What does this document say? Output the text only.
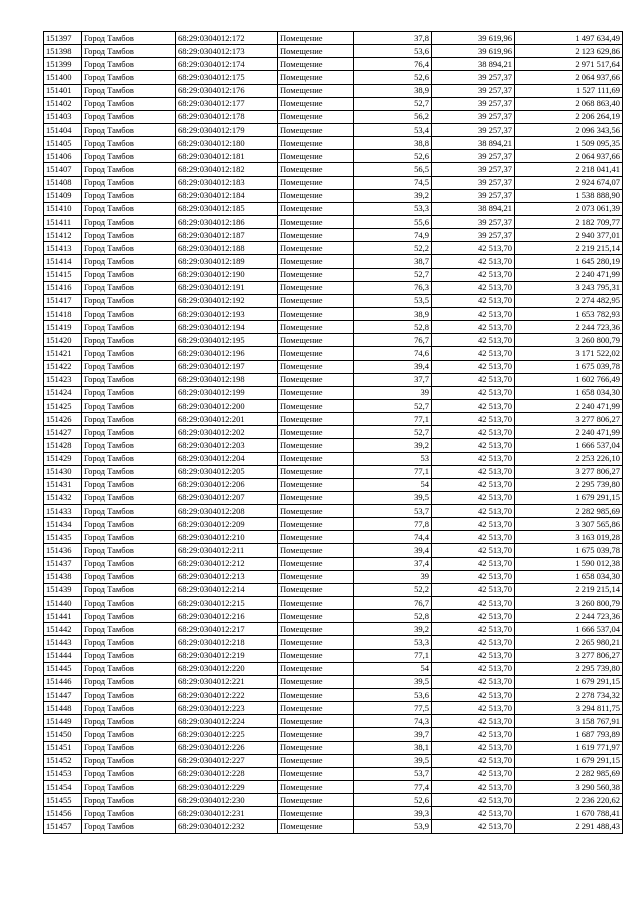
151397	Город Тамбов	68:29:0304012:172	Помещение	37,8	39 619,96	1 497 634,49
151398	Город Тамбов	68:29:0304012:173	Помещение	53,6	39 619,96	2 123 629,86
151399	Город Тамбов	68:29:0304012:174	Помещение	76,4	38 894,21	2 971 517,64
151400	Город Тамбов	68:29:0304012:175	Помещение	52,6	39 257,37	2 064 937,66
151401	Город Тамбов	68:29:0304012:176	Помещение	38,9	39 257,37	1 527 111,69
151402	Город Тамбов	68:29:0304012:177	Помещение	52,7	39 257,37	2 068 863,40
151403	Город Тамбов	68:29:0304012:178	Помещение	56,2	39 257,37	2 206 264,19
151404	Город Тамбов	68:29:0304012:179	Помещение	53,4	39 257,37	2 096 343,56
151405	Город Тамбов	68:29:0304012:180	Помещение	38,8	38 894,21	1 509 095,35
151406	Город Тамбов	68:29:0304012:181	Помещение	52,6	39 257,37	2 064 937,66
151407	Город Тамбов	68:29:0304012:182	Помещение	56,5	39 257,37	2 218 041,41
151408	Город Тамбов	68:29:0304012:183	Помещение	74,5	39 257,37	2 924 674,07
151409	Город Тамбов	68:29:0304012:184	Помещение	39,2	39 257,37	1 538 888,90
151410	Город Тамбов	68:29:0304012:185	Помещение	53,3	38 894,21	2 073 061,39
151411	Город Тамбов	68:29:0304012:186	Помещение	55,6	39 257,37	2 182 709,77
151412	Город Тамбов	68:29:0304012:187	Помещение	74,9	39 257,37	2 940 377,01
151413	Город Тамбов	68:29:0304012:188	Помещение	52,2	42 513,70	2 219 215,14
151414	Город Тамбов	68:29:0304012:189	Помещение	38,7	42 513,70	1 645 280,19
151415	Город Тамбов	68:29:0304012:190	Помещение	52,7	42 513,70	2 240 471,99
151416	Город Тамбов	68:29:0304012:191	Помещение	76,3	42 513,70	3 243 795,31
151417	Город Тамбов	68:29:0304012:192	Помещение	53,5	42 513,70	2 274 482,95
151418	Город Тамбов	68:29:0304012:193	Помещение	38,9	42 513,70	1 653 782,93
151419	Город Тамбов	68:29:0304012:194	Помещение	52,8	42 513,70	2 244 723,36
151420	Город Тамбов	68:29:0304012:195	Помещение	76,7	42 513,70	3 260 800,79
151421	Город Тамбов	68:29:0304012:196	Помещение	74,6	42 513,70	3 171 522,02
151422	Город Тамбов	68:29:0304012:197	Помещение	39,4	42 513,70	1 675 039,78
151423	Город Тамбов	68:29:0304012:198	Помещение	37,7	42 513,70	1 602 766,49
151424	Город Тамбов	68:29:0304012:199	Помещение	39	42 513,70	1 658 034,30
151425	Город Тамбов	68:29:0304012:200	Помещение	52,7	42 513,70	2 240 471,99
151426	Город Тамбов	68:29:0304012:201	Помещение	77,1	42 513,70	3 277 806,27
151427	Город Тамбов	68:29:0304012:202	Помещение	52,7	42 513,70	2 240 471,99
151428	Город Тамбов	68:29:0304012:203	Помещение	39,2	42 513,70	1 666 537,04
151429	Город Тамбов	68:29:0304012:204	Помещение	53	42 513,70	2 253 226,10
151430	Город Тамбов	68:29:0304012:205	Помещение	77,1	42 513,70	3 277 806,27
151431	Город Тамбов	68:29:0304012:206	Помещение	54	42 513,70	2 295 739,80
151432	Город Тамбов	68:29:0304012:207	Помещение	39,5	42 513,70	1 679 291,15
151433	Город Тамбов	68:29:0304012:208	Помещение	53,7	42 513,70	2 282 985,69
151434	Город Тамбов	68:29:0304012:209	Помещение	77,8	42 513,70	3 307 565,86
151435	Город Тамбов	68:29:0304012:210	Помещение	74,4	42 513,70	3 163 019,28
151436	Город Тамбов	68:29:0304012:211	Помещение	39,4	42 513,70	1 675 039,78
151437	Город Тамбов	68:29:0304012:212	Помещение	37,4	42 513,70	1 590 012,38
151438	Город Тамбов	68:29:0304012:213	Помещение	39	42 513,70	1 658 034,30
151439	Город Тамбов	68:29:0304012:214	Помещение	52,2	42 513,70	2 219 215,14
151440	Город Тамбов	68:29:0304012:215	Помещение	76,7	42 513,70	3 260 800,79
151441	Город Тамбов	68:29:0304012:216	Помещение	52,8	42 513,70	2 244 723,36
151442	Город Тамбов	68:29:0304012:217	Помещение	39,2	42 513,70	1 666 537,04
151443	Город Тамбов	68:29:0304012:218	Помещение	53,3	42 513,70	2 265 980,21
151444	Город Тамбов	68:29:0304012:219	Помещение	77,1	42 513,70	3 277 806,27
151445	Город Тамбов	68:29:0304012:220	Помещение	54	42 513,70	2 295 739,80
151446	Город Тамбов	68:29:0304012:221	Помещение	39,5	42 513,70	1 679 291,15
151447	Город Тамбов	68:29:0304012:222	Помещение	53,6	42 513,70	2 278 734,32
151448	Город Тамбов	68:29:0304012:223	Помещение	77,5	42 513,70	3 294 811,75
151449	Город Тамбов	68:29:0304012:224	Помещение	74,3	42 513,70	3 158 767,91
151450	Город Тамбов	68:29:0304012:225	Помещение	39,7	42 513,70	1 687 793,89
151451	Город Тамбов	68:29:0304012:226	Помещение	38,1	42 513,70	1 619 771,97
151452	Город Тамбов	68:29:0304012:227	Помещение	39,5	42 513,70	1 679 291,15
151453	Город Тамбов	68:29:0304012:228	Помещение	53,7	42 513,70	2 282 985,69
151454	Город Тамбов	68:29:0304012:229	Помещение	77,4	42 513,70	3 290 560,38
151455	Город Тамбов	68:29:0304012:230	Помещение	52,6	42 513,70	2 236 220,62
151456	Город Тамбов	68:29:0304012:231	Помещение	39,3	42 513,70	1 670 788,41
151457	Город Тамбов	68:29:0304012:232	Помещение	53,9	42 513,70	2 291 488,43
